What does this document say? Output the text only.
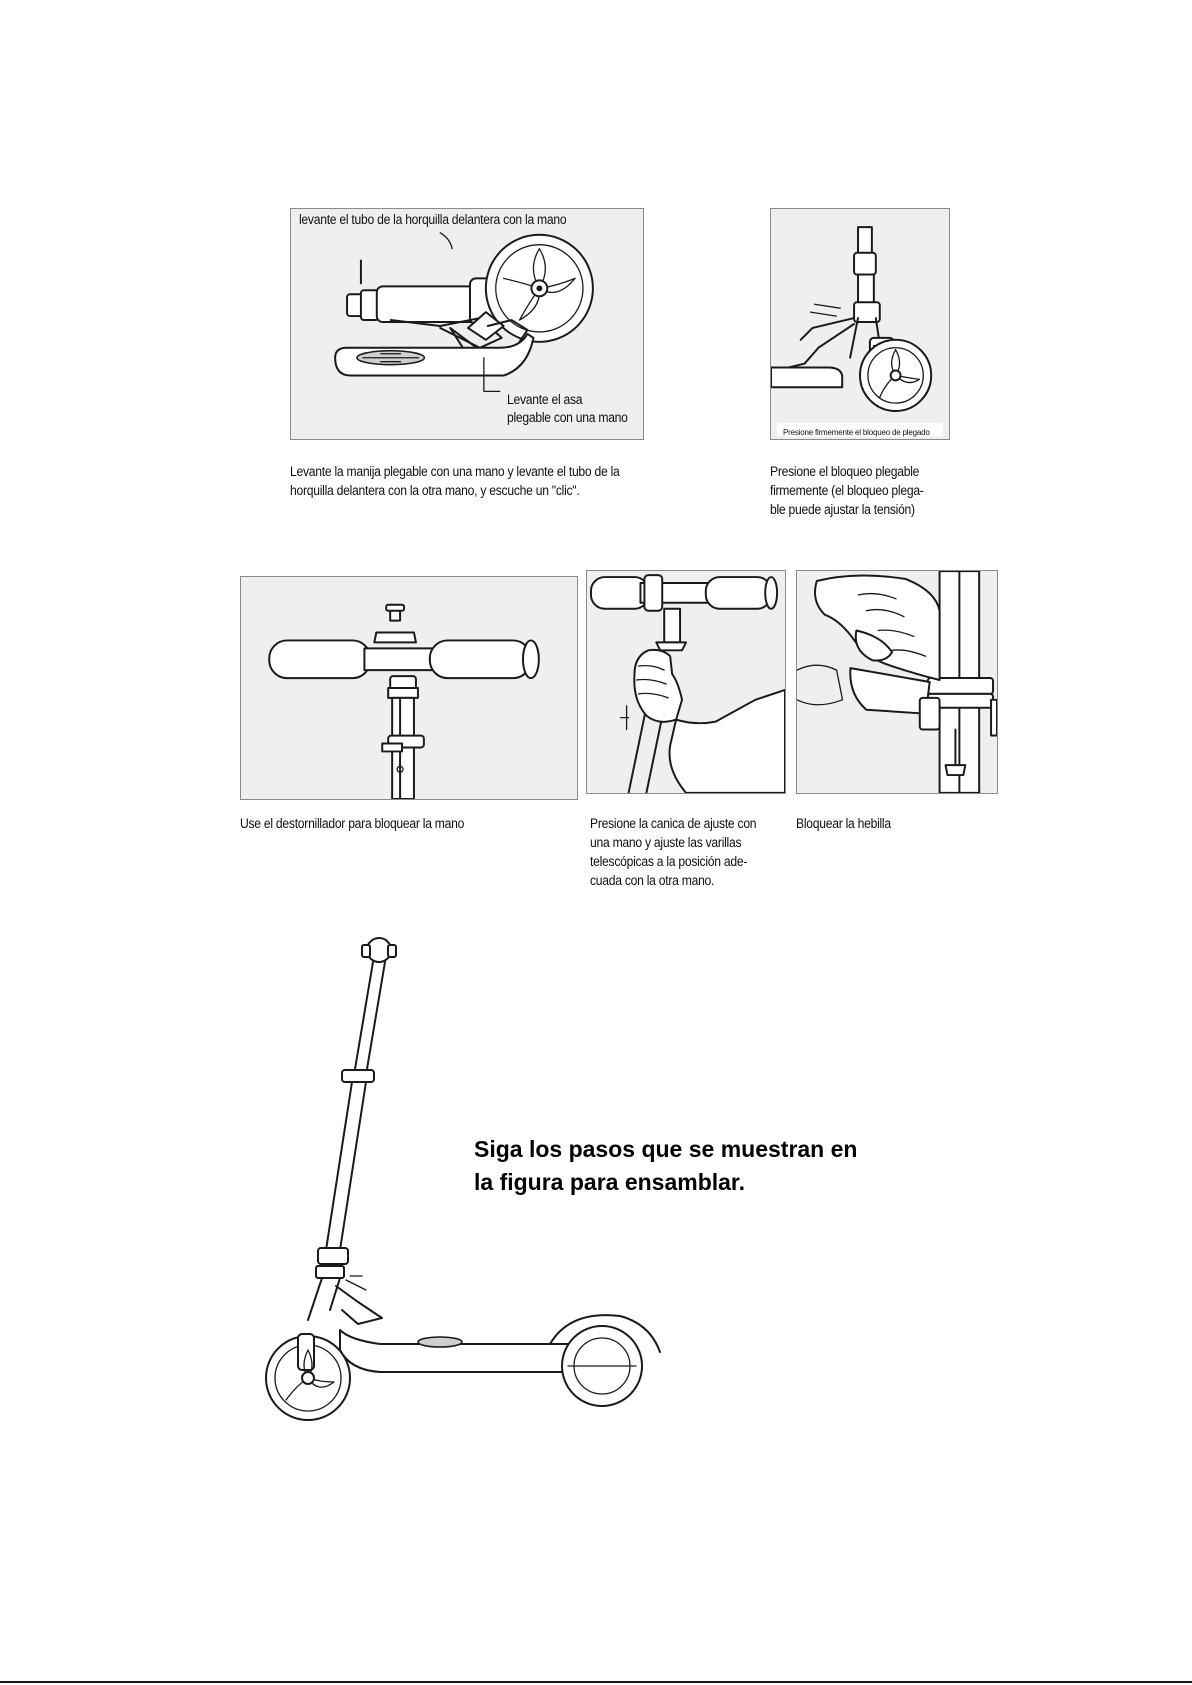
levante el tubo de la horquilla delantera con la mano
Levante el asa
plegable con una mano
Levante la manija plegable con una mano y levante el tubo de la
horquilla delantera con la otra mano, y escuche un "clic".
Presione firmemente el bloqueo de plegado
Presione el bloqueo plegable
firmemente (el bloqueo plega-
ble puede ajustar la tensión)
Use el destornillador para bloquear la mano	Presione la canica de ajuste con
una mano y ajuste las varillas
telescópicas a la posición ade-
cuada con la otra mano.
Bloquear la hebilla
Siga los pasos que se muestran en
la figura para ensamblar.
